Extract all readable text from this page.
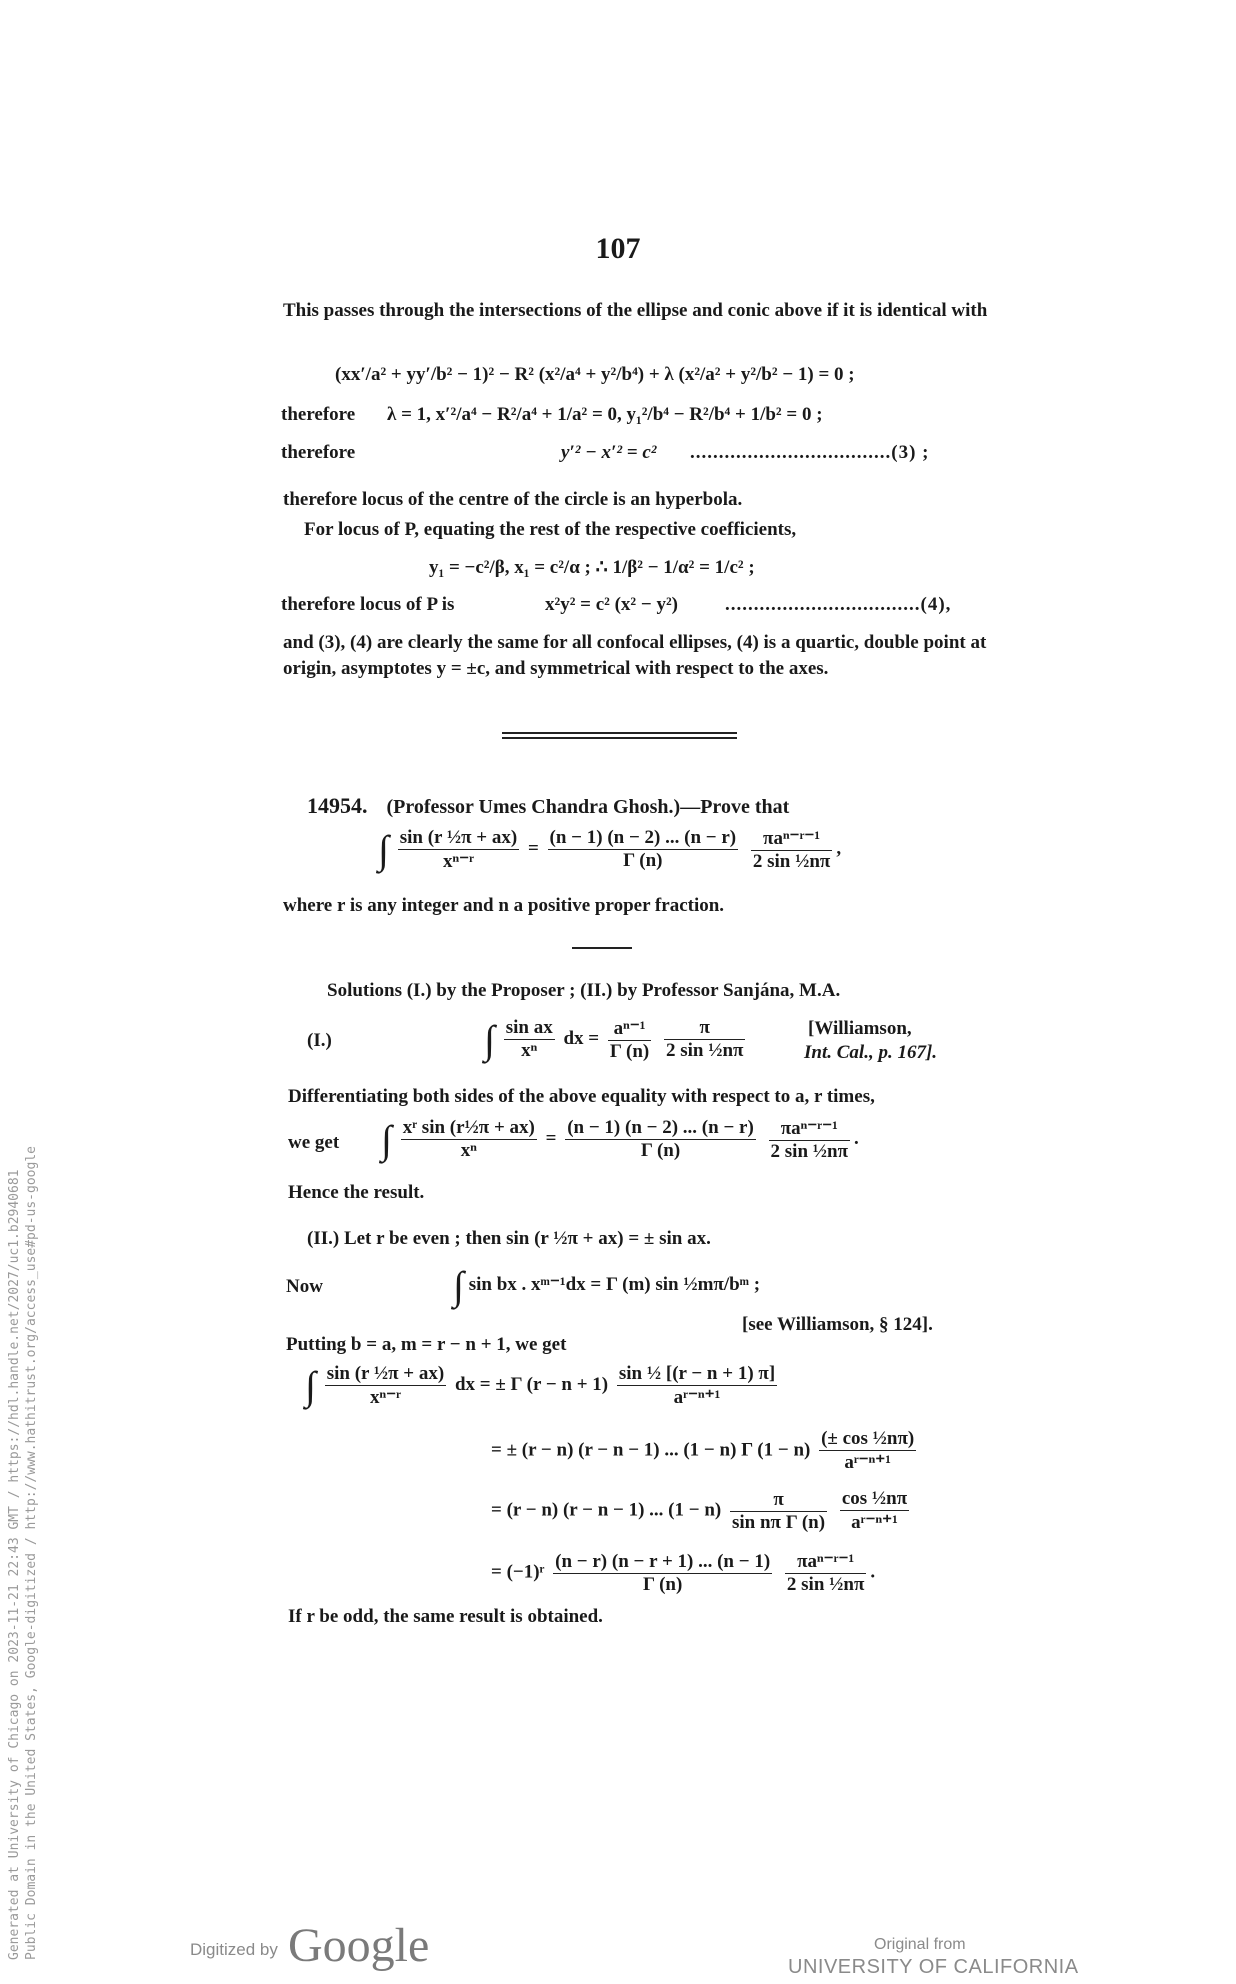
107
This passes through the intersections of the ellipse and conic above if it is identical with
(xx′/a² + yy′/b² − 1)² − R² (x²/a⁴ + y²/b⁴) + λ (x²/a² + y²/b² − 1) = 0 ;
therefore λ = 1, x′²/a⁴ − R²/a⁴ + 1/a² = 0, y₁²/b⁴ − R²/b⁴ + 1/b² = 0 ;
therefore	y′² − x′² = c² ...................................(3) ;
therefore locus of the centre of the circle is an hyperbola.
For locus of P, equating the rest of the respective coefficients,
y₁ = −c²/β, x₁ = c²/α ; ∴ 1/β² − 1/α² = 1/c² ;
therefore locus of P is	x²y² = c² (x² − y²) ..................................(4),
and (3), (4) are clearly the same for all confocal ellipses, (4) is a quartic, double point at origin, asymptotes y = ±c, and symmetrical with respect to the axes.
14954. (Professor Umes Chandra Ghosh.)—Prove that
∫ $\frac{\text{sin (r ½π + ax)}}{\text{xⁿ⁻ʳ}} = \frac{(n - 1) (n - 2) ... (n - r)}{\Gamma (n)}$
$\frac{\text{πaⁿ⁻ʳ⁻¹}}{\text{2 sin ½nπ}}$ ,
where r is any integer and n a positive proper fraction.
Solutions (I.) by the Proposer ; (II.) by Professor Sanjána, M.A.
(I.)	∫ $\frac{\text{sin ax}}{\text{xⁿ}}$ dx = $\frac{\text{aⁿ⁻¹}}{\Gamma (n)}$
$\frac{\pi}{\text{2 sin ½nπ}}$	[Williamson,
Int. Cal., p. 167].
Differentiating both sides of the above equality with respect to a, r times,
we get ∫ $\frac{\text{xʳ sin (r½π + ax)}}{\text{xⁿ}} = \frac{(n - 1) (n - 2) ... (n - r)}{\Gamma (n)}$
$\frac{\text{πaⁿ⁻ʳ⁻¹}}{\text{2 sin ½nπ}}$ .
Hence the result.
(II.) Let r be even ; then sin (r ½π + ax) = ± sin ax.
Now	∫ sin bx . xᵐ⁻¹dx = Γ (m) sin ½mπ/bᵐ ;
[see Williamson, § 124].
Putting b = a, m = r − n + 1, we get
∫ $\frac{\text{sin (r ½π + ax)}}{\text{xⁿ⁻ʳ}}$ dx = ± Γ $(r - n + 1) \frac{\text{sin ½ [(r − n + 1) π]}}{\text{aʳ⁻ⁿ⁺¹}}$
= ± (r − n) (r − n − 1) ... (1 − n) Γ $(1 - n) \frac{\text{(± cos ½nπ)}}{\text{aʳ⁻ⁿ⁺¹}}$
= (r − n) (r − n − 1) ... $(1 - n) \frac{\pi}{\text{sin nπ Γ (n)}}$
$\frac{\text{cos ½nπ}}{\text{aʳ⁻ⁿ⁺¹}}$
= (−1)ʳ $\frac{(n - r) (n - r + 1) ... (n - 1)}{\Gamma (n)}$
$\frac{\text{πaⁿ⁻ʳ⁻¹}}{\text{2 sin ½nπ}}$ .
If r be odd, the same result is obtained.
Generated at University of Chicago on 2023-11-21 22:43 GMT / https://hdl.handle.net/2027/uc1.b2940681 Public Domain in the United States, Google-digitized / http://www.hathitrust.org/access_use#pd-us-google	Digitized by Google	Original from
UNIVERSITY OF CALIFORNIA
